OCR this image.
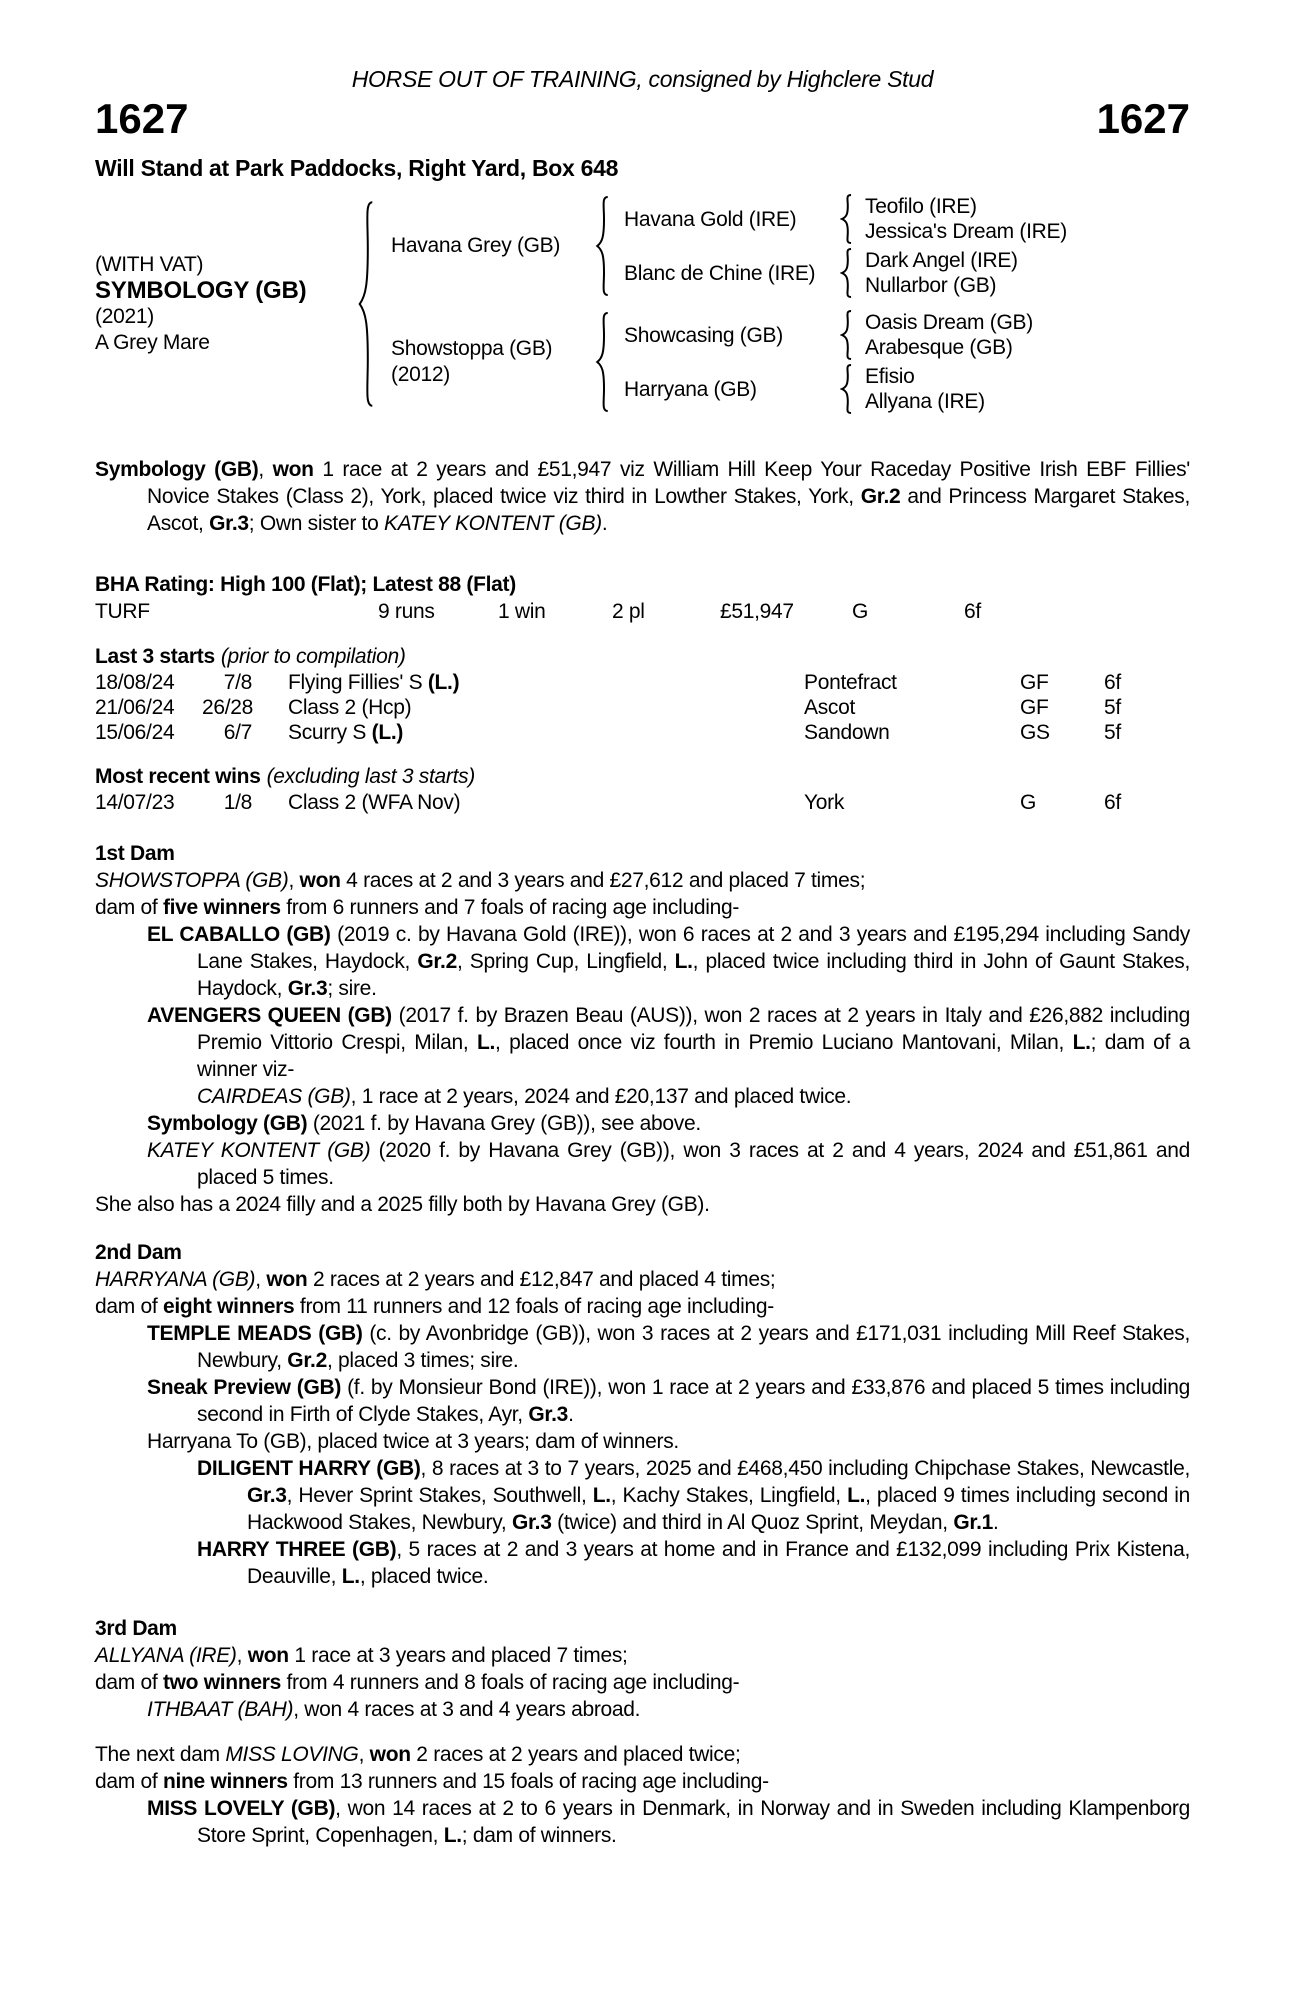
HORSE OUT OF TRAINING, consigned by Highclere Stud
1627	1627
Will Stand at Park Paddocks, Right Yard, Box 648
(WITH VAT)
SYMBOLOGY (GB)
(2021)
A Grey Mare
Havana Grey (GB)
Havana Gold (IRE)
Teofilo (IRE)
Jessica's Dream (IRE)
Blanc de Chine (IRE)
Dark Angel (IRE)
Nullarbor (GB)
Showstoppa (GB)
(2012)
Showcasing (GB)
Oasis Dream (GB)
Arabesque (GB)
Harryana (GB)
Efisio
Allyana (IRE)
Symbology (GB), won 1 race at 2 years and £51,947 viz William Hill Keep Your Raceday Positive Irish EBF Fillies' Novice Stakes (Class 2), York, placed twice viz third in Lowther Stakes, York, Gr.2 and Princess Margaret Stakes, Ascot, Gr.3; Own sister to KATEY KONTENT (GB).
BHA Rating: High 100 (Flat); Latest 88 (Flat)
TURF	9 runs	1 win	2 pl	£51,947	G	6f
Last 3 starts (prior to compilation)
18/08/24	7/8	Flying Fillies' S (L.)	Pontefract	GF	6f
21/06/24	26/28	Class 2 (Hcp)	Ascot	GF	5f
15/06/24	6/7	Scurry S (L.)	Sandown	GS	5f
Most recent wins (excluding last 3 starts)
14/07/23	1/8	Class 2 (WFA Nov)	York	G	6f
1st Dam
SHOWSTOPPA (GB), won 4 races at 2 and 3 years and £27,612 and placed 7 times;
dam of five winners from 6 runners and 7 foals of racing age including-
EL CABALLO (GB) (2019 c. by Havana Gold (IRE)), won 6 races at 2 and 3 years and £195,294 including Sandy Lane Stakes, Haydock, Gr.2, Spring Cup, Lingfield, L., placed twice including third in John of Gaunt Stakes, Haydock, Gr.3; sire.
AVENGERS QUEEN (GB) (2017 f. by Brazen Beau (AUS)), won 2 races at 2 years in Italy and £26,882 including Premio Vittorio Crespi, Milan, L., placed once viz fourth in Premio Luciano Mantovani, Milan, L.; dam of a winner viz-
CAIRDEAS (GB), 1 race at 2 years, 2024 and £20,137 and placed twice.
Symbology (GB) (2021 f. by Havana Grey (GB)), see above.
KATEY KONTENT (GB) (2020 f. by Havana Grey (GB)), won 3 races at 2 and 4 years, 2024 and £51,861 and placed 5 times.
She also has a 2024 filly and a 2025 filly both by Havana Grey (GB).
2nd Dam
HARRYANA (GB), won 2 races at 2 years and £12,847 and placed 4 times;
dam of eight winners from 11 runners and 12 foals of racing age including-
TEMPLE MEADS (GB) (c. by Avonbridge (GB)), won 3 races at 2 years and £171,031 including Mill Reef Stakes, Newbury, Gr.2, placed 3 times; sire.
Sneak Preview (GB) (f. by Monsieur Bond (IRE)), won 1 race at 2 years and £33,876 and placed 5 times including second in Firth of Clyde Stakes, Ayr, Gr.3.
Harryana To (GB), placed twice at 3 years; dam of winners.
DILIGENT HARRY (GB), 8 races at 3 to 7 years, 2025 and £468,450 including Chipchase Stakes, Newcastle, Gr.3, Hever Sprint Stakes, Southwell, L., Kachy Stakes, Lingfield, L., placed 9 times including second in Hackwood Stakes, Newbury, Gr.3 (twice) and third in Al Quoz Sprint, Meydan, Gr.1.
HARRY THREE (GB), 5 races at 2 and 3 years at home and in France and £132,099 including Prix Kistena, Deauville, L., placed twice.
3rd Dam
ALLYANA (IRE), won 1 race at 3 years and placed 7 times;
dam of two winners from 4 runners and 8 foals of racing age including-
ITHBAAT (BAH), won 4 races at 3 and 4 years abroad.
The next dam MISS LOVING, won 2 races at 2 years and placed twice;
dam of nine winners from 13 runners and 15 foals of racing age including-
MISS LOVELY (GB), won 14 races at 2 to 6 years in Denmark, in Norway and in Sweden including Klampenborg Store Sprint, Copenhagen, L.; dam of winners.
